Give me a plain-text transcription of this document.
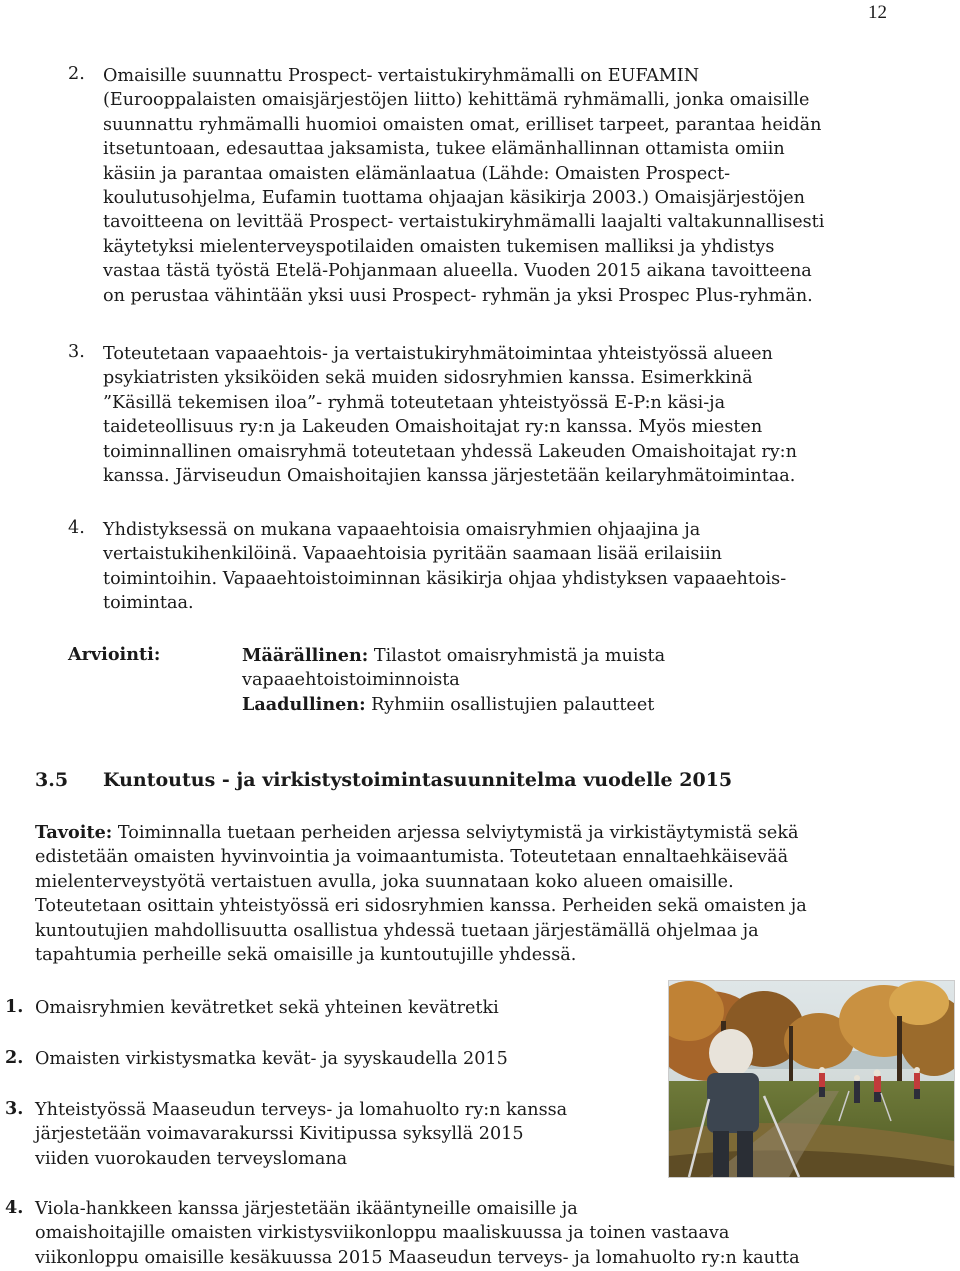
12
2. Omaisille suunnattu Prospect- vertaistukiryhmämalli on EUFAMIN
(Eurooppalaisten omaisjärjestöjen liitto) kehittämä ryhmämalli, jonka omaisille
suunnattu ryhmämalli huomioi omaisten omat, erilliset tarpeet, parantaa heidän
itsetuntoaan, edesauttaa jaksamista, tukee elämänhallinnan ottamista omiin
käsiin ja parantaa omaisten elämänlaatua (Lähde: Omaisten Prospect-
koulutusohjelma, Eufamin tuottama ohjaajan käsikirja 2003.) Omaisjärjestöjen
tavoitteena on levittää Prospect- vertaistukiryhmämalli laajalti valtakunnallisesti
käytetyksi mielenterveyspotilaiden omaisten tukemisen malliksi ja yhdistys
vastaa tästä työstä Etelä-Pohjanmaan alueella. Vuoden 2015 aikana tavoitteena
on perustaa vähintään yksi uusi Prospect- ryhmän ja yksi Prospec Plus-ryhmän.
3. Toteutetaan vapaaehtois- ja vertaistukiryhmätoimintaa yhteistyössä alueen
psykiatristen yksiköiden sekä muiden sidosryhmien kanssa. Esimerkkinä
”Käsillä tekemisen iloa”- ryhmä toteutetaan yhteistyössä E-P:n käsi-ja
taideteollisuus ry:n ja Lakeuden Omaishoitajat ry:n kanssa. Myös miesten
toiminnallinen omaisryhmä toteutetaan yhdessä Lakeuden Omaishoitajat ry:n
kanssa. Järviseudun Omaishoitajien kanssa järjestetään keilaryhmätoimintaa.
4. Yhdistyksessä on mukana vapaaehtoisia omaisryhmien ohjaajina ja
vertaistukihenkilöinä. Vapaaehtoisia pyritään saamaan lisää erilaisiin
toimintoihin. Vapaaehtoistoiminnan käsikirja ohjaa yhdistyksen vapaaehtois-
toimintaa.
Arviointi:	Määrällinen: Tilastot omaisryhmistä ja muista
vapaaehtoistoiminnoista
Laadullinen: Ryhmiin osallistujien palautteet
3.5 Kuntoutus - ja virkistystoimintasuunnitelma vuodelle 2015
Tavoite: Toiminnalla tuetaan perheiden arjessa selviytymistä ja virkistäytymistä sekä
edistetään omaisten hyvinvointia ja voimaantumista. Toteutetaan ennaltaehkäisevää
mielenterveystyötä vertaistuen avulla, joka suunnataan koko alueen omaisille.
Toteutetaan osittain yhteistyössä eri sidosryhmien kanssa. Perheiden sekä omaisten ja
kuntoutujien mahdollisuutta osallistua yhdessä tuetaan järjestämällä ohjelmaa ja
tapahtumia perheille sekä omaisille ja kuntoutujille yhdessä.
1. Omaisryhmien kevätretket sekä yhteinen kevätretki
2. Omaisten virkistysmatka kevät- ja syyskaudella 2015
3. Yhteistyössä Maaseudun terveys- ja lomahuolto ry:n kanssa
järjestetään voimavarakurssi Kivitipussa syksyllä 2015
viiden vuorokauden terveyslomana
4. Viola-hankkeen kanssa järjestetään ikääntyneille omaisille ja
omaishoitajille omaisten virkistysviikonloppu maaliskuussa ja toinen vastaava
viikonloppu omaisille kesäkuussa 2015 Maaseudun terveys- ja lomahuolto ry:n kautta
